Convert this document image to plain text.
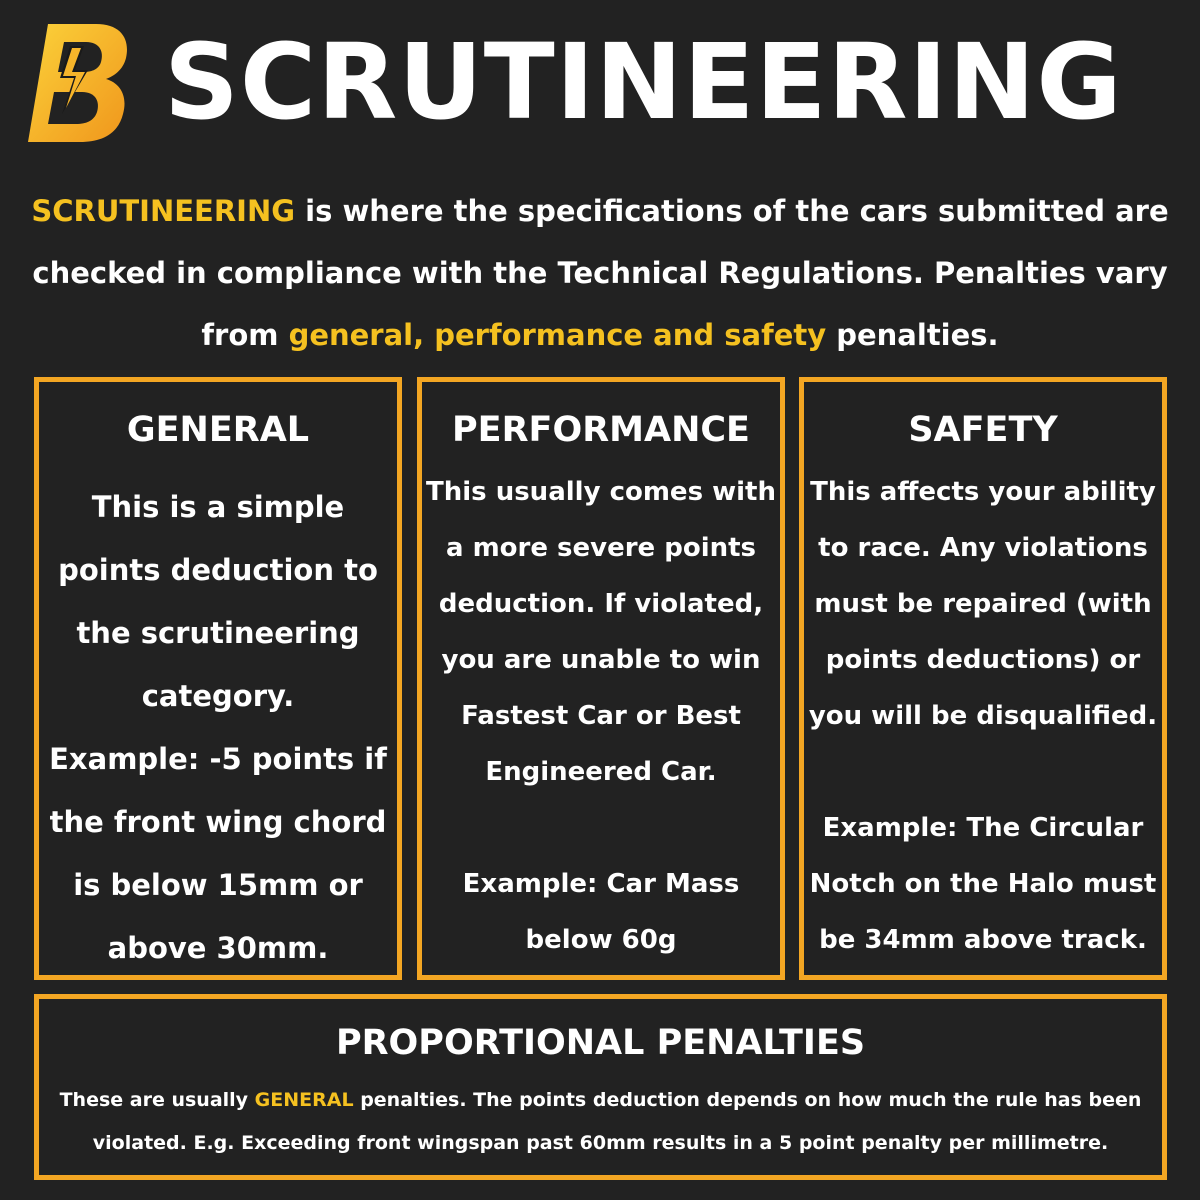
SCRUTINEERING
SCRUTINEERING is where the specifications of the cars submitted are checked in compliance with the Technical Regulations. Penalties vary from general, performance and safety penalties.
GENERAL
This is a simple points deduction to the scrutineering category.
Example: -5 points if the front wing chord is below 15mm or above 30mm.
PERFORMANCE
This usually comes with a more severe points deduction. If violated, you are unable to win Fastest Car or Best Engineered Car.
Example: Car Mass below 60g
SAFETY
This affects your ability to race. Any violations must be repaired (with points deductions) or you will be disqualified.
Example: The Circular Notch on the Halo must be 34mm above track.
PROPORTIONAL PENALTIES
These are usually GENERAL penalties. The points deduction depends on how much the rule has been violated. E.g. Exceeding front wingspan past 60mm results in a 5 point penalty per millimetre.
